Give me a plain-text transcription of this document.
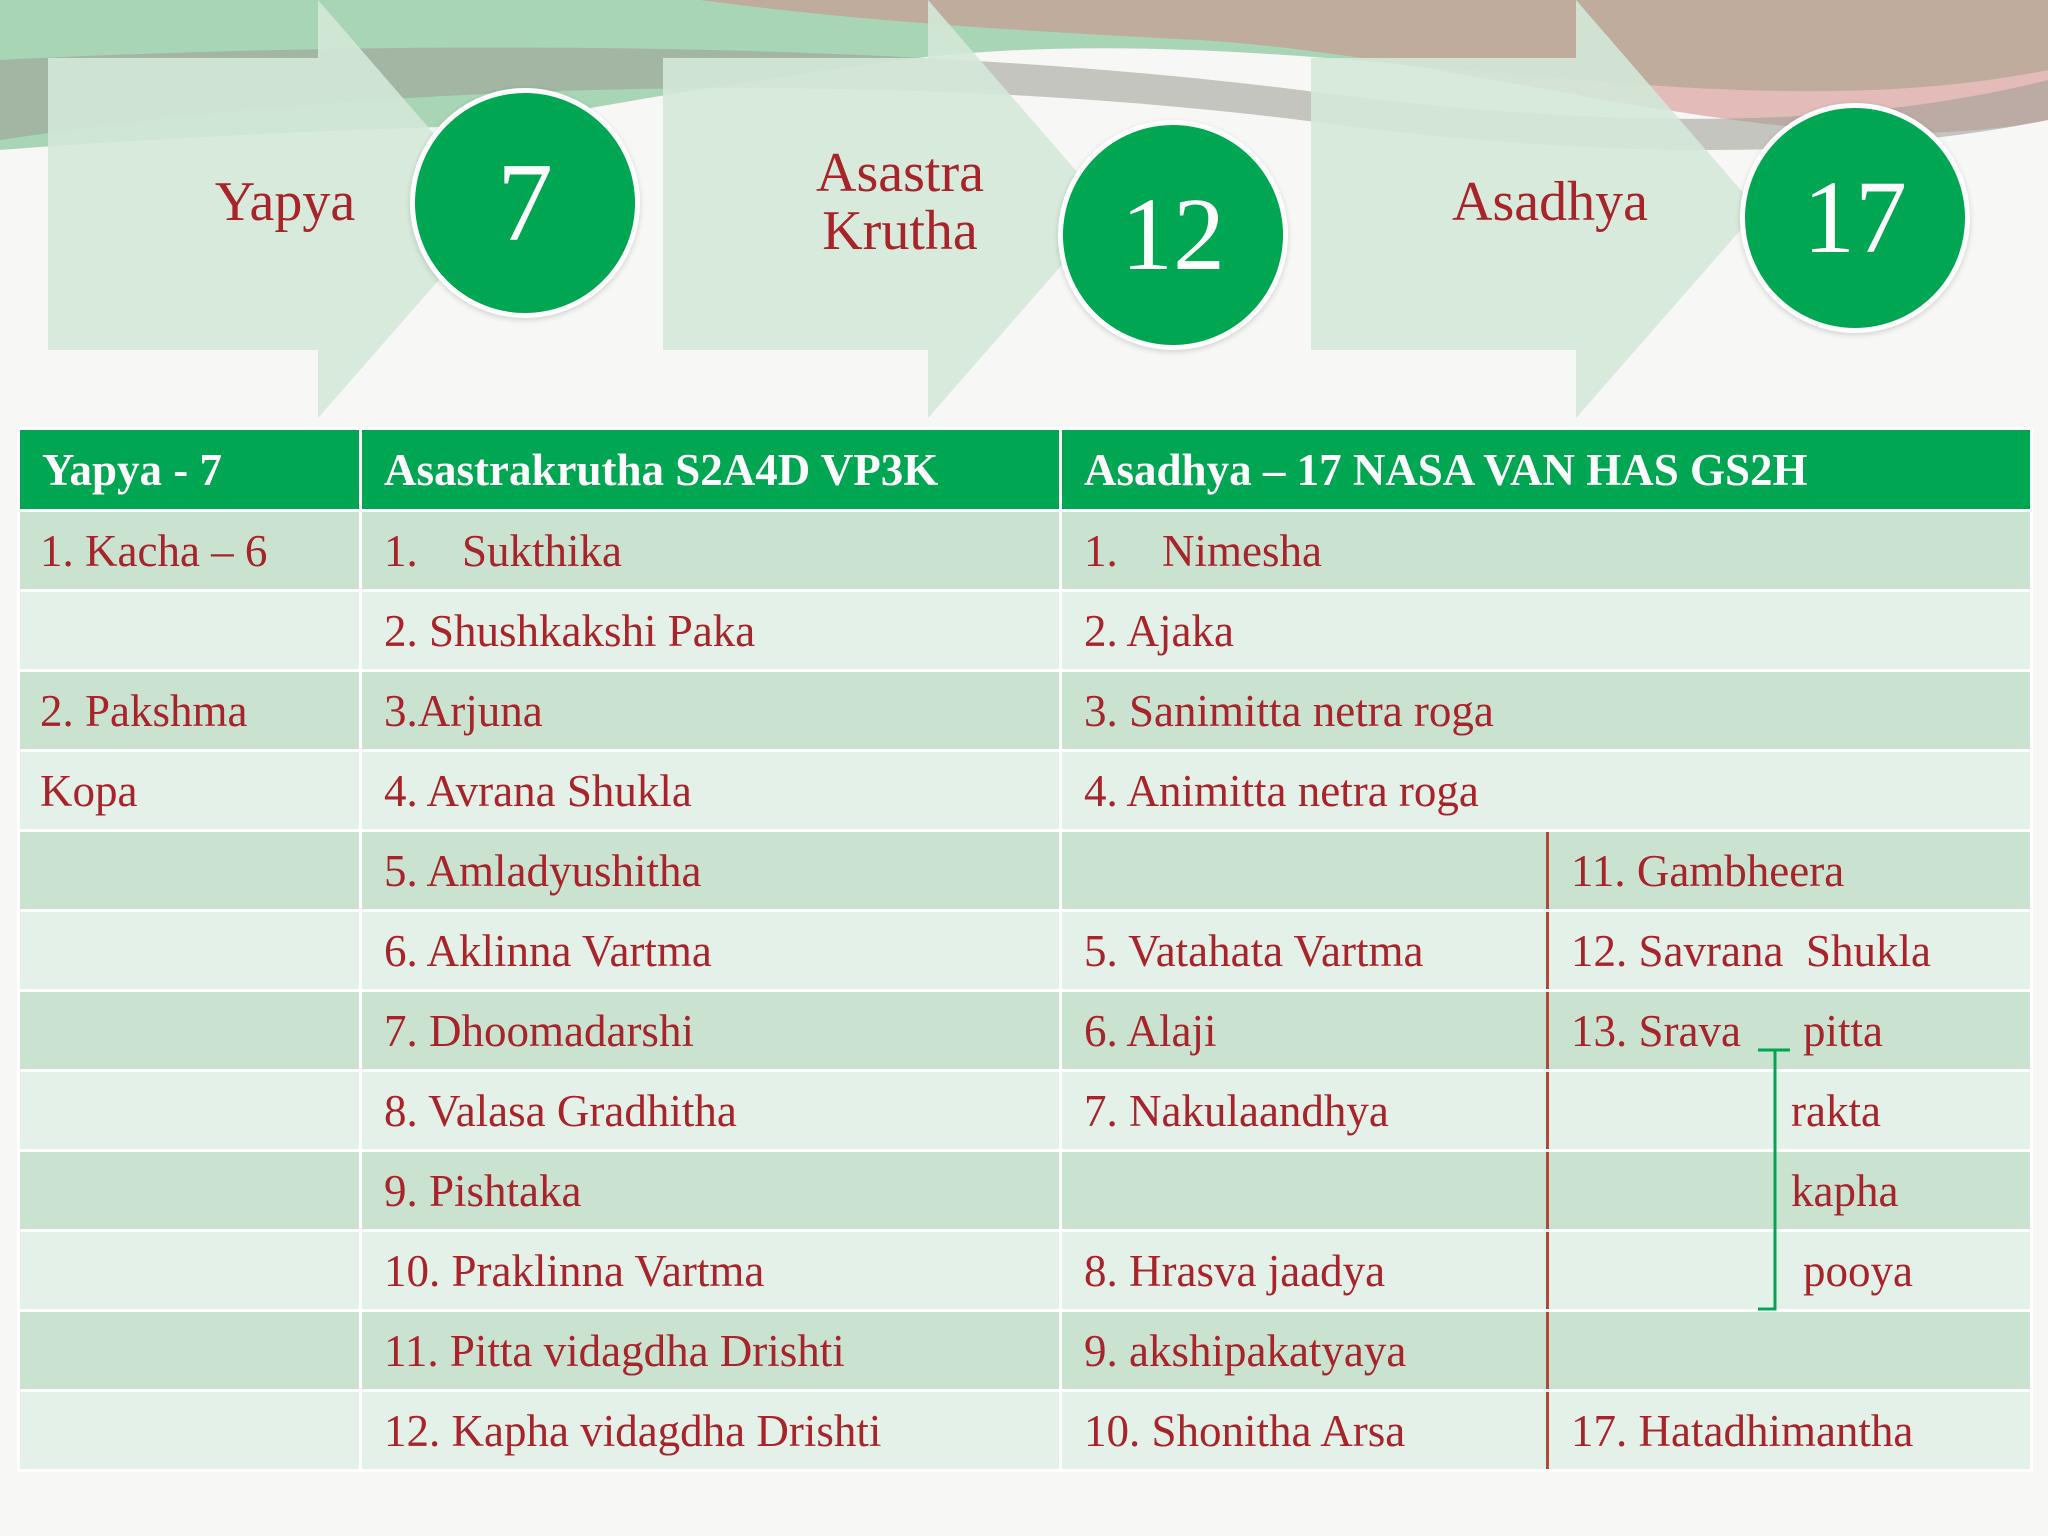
Yapya	7	Asastra Krutha	12	Asadhya	17
Yapya - 7	Asastrakrutha S2A4D VP3K	Asadhya – 17 NASA VAN HAS GS2H	
1. Kacha – 6	1. Sukthika	1. Nimesha	
	2. Shushkakshi Paka	2. Ajaka	
2. Pakshma	3.Arjuna	3. Sanimitta netra roga	
Kopa	4. Avrana Shukla	4. Animitta netra roga	
	5. Amladyushitha		11. Gambheera
	6. Aklinna Vartma	5. Vatahata Vartma	12. Savrana  Shukla
	7. Dhoomadarshi	6. Alaji	13. Srava pitta
	8. Valasa Gradhitha	7. Nakulaandhya	rakta
	9. Pishtaka		kapha
	10. Praklinna Vartma	8. Hrasva jaadya	pooya
	11. Pitta vidagdha Drishti	9. akshipakatyaya	
	12. Kapha vidagdha Drishti	10. Shonitha Arsa	17. Hatadhimantha
